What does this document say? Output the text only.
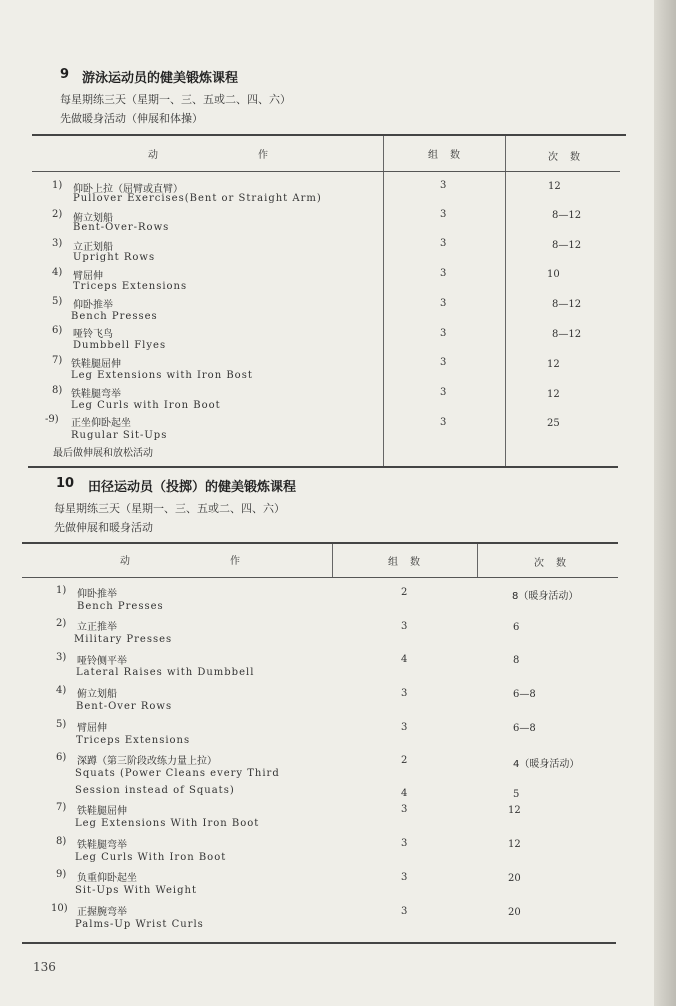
9 游泳运动员的健美锻炼课程
每星期练三天（星期一、三、五或二、四、六）
先做暖身活动（伸展和体操）
动	作	组　数	次　数
1) 仰卧上拉（屈臂或直臂）
Pullover Exercises(Bent or Straight Arm)
3	12
2) 俯立划船
Bent-Over-Rows
3	8—12
3) 立正划船
Upright Rows
3	8—12
4) 臂屈伸
Triceps Extensions
3	10
5) 仰卧推举
Bench Presses
3	8—12
6) 哑铃飞鸟
Dumbbell Flyes
3	8—12
7) 铁鞋腿屈伸
Leg Extensions with Iron Bost
3	12
8) 铁鞋腿弯举
Leg Curls with Iron Boot
3	12
-9) 正坐仰卧起坐
Rugular Sit-Ups
3	25
最后做伸展和放松活动
10 田径运动员（投掷）的健美锻炼课程
每星期练三天（星期一、三、五或二、四、六）
先做伸展和暖身活动
动	作	组　数	次　数
1) 仰卧推举
Bench Presses
2	8（暖身活动）
2) 立正推举
Military Presses
3	6
3) 哑铃侧平举
Lateral Raises with Dumbbell
4	8
4) 俯立划船
Bent-Over Rows
3	6—8
5) 臂屈伸
Triceps Extensions
3	6—8
6) 深蹲（第三阶段改练力量上拉）
Squats (Power Cleans every Third
Session instead of Squats)
2	4（暖身活动）
4	5
7) 铁鞋腿屈伸
Leg Extensions With Iron Boot
3	12
8) 铁鞋腿弯举
Leg Curls With Iron Boot
3	12
9) 负重仰卧起坐
Sit-Ups With Weight
3	20
10) 正握腕弯举
Palms-Up Wrist Curls
3	20
136
